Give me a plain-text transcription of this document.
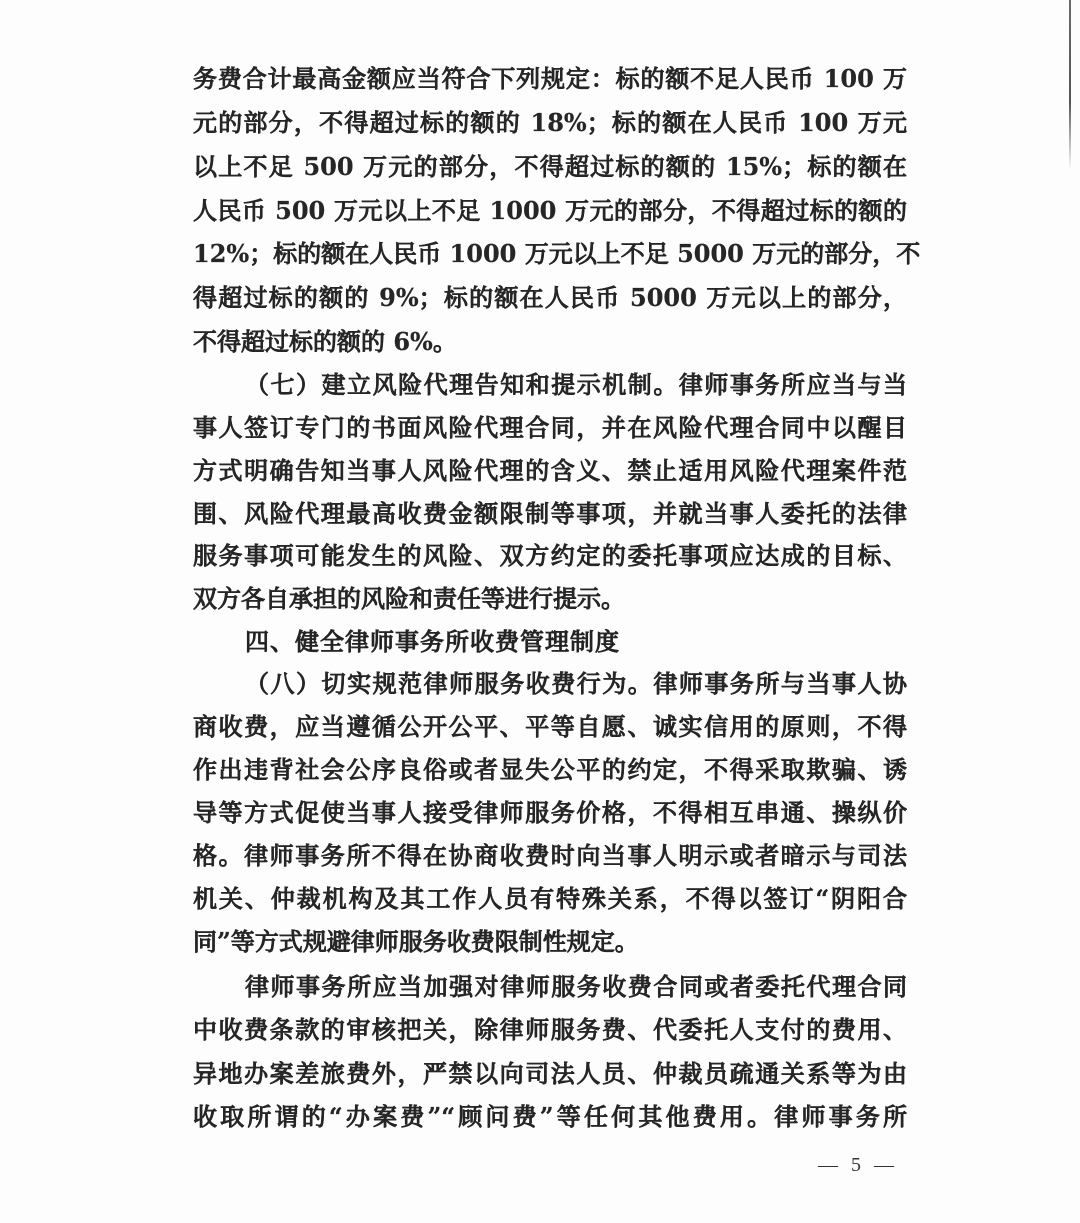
务费合计最高金额应当符合下列规定：标的额不足人民币 100 万
元的部分，不得超过标的额的 18%；标的额在人民币 100 万元
以上不足 500 万元的部分，不得超过标的额的 15%；标的额在
人民币 500 万元以上不足 1000 万元的部分，不得超过标的额的
12%；标的额在人民币 1000 万元以上不足 5000 万元的部分，不
得超过标的额的 9%；标的额在人民币 5000 万元以上的部分，
不得超过标的额的 6%。
（七）建立风险代理告知和提示机制。律师事务所应当与当
事人签订专门的书面风险代理合同，并在风险代理合同中以醒目
方式明确告知当事人风险代理的含义、禁止适用风险代理案件范
围、风险代理最高收费金额限制等事项，并就当事人委托的法律
服务事项可能发生的风险、双方约定的委托事项应达成的目标、
双方各自承担的风险和责任等进行提示。
四、健全律师事务所收费管理制度
（八）切实规范律师服务收费行为。律师事务所与当事人协
商收费，应当遵循公开公平、平等自愿、诚实信用的原则，不得
作出违背社会公序良俗或者显失公平的约定，不得采取欺骗、诱
导等方式促使当事人接受律师服务价格，不得相互串通、操纵价
格。律师事务所不得在协商收费时向当事人明示或者暗示与司法
机关、仲裁机构及其工作人员有特殊关系，不得以签订“阴阳合
同”等方式规避律师服务收费限制性规定。
律师事务所应当加强对律师服务收费合同或者委托代理合同
中收费条款的审核把关，除律师服务费、代委托人支付的费用、
异地办案差旅费外，严禁以向司法人员、仲裁员疏通关系等为由
收取所谓的“办案费”“顾问费”等任何其他费用。律师事务所
— 5 —
